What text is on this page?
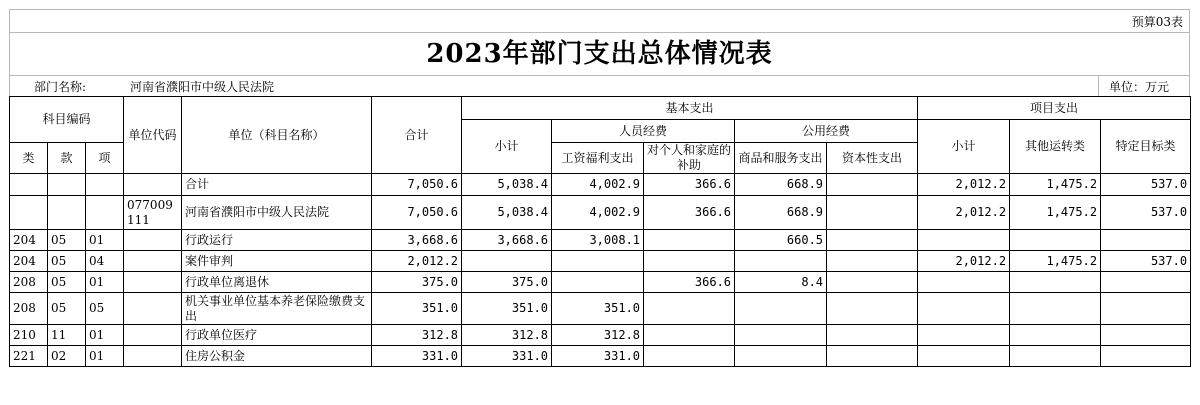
预算03表
2023年部门支出总体情况表
部门名称:	河南省濮阳市中级人民法院	单位：万元
科目编码			单位代码	单位（科目名称）	合计	基本支出					项目支出		
						小计	人员经费		公用经费		小计	其他运转类	特定目标类
类	款	项					工资福利支出	对个人和家庭的补助	商品和服务支出	资本性支出			

				合计	7,050.6	5,038.4	4,002.9	366.6	668.9		2,012.2	1,475.2	537.0
			077009111	河南省濮阳市中级人民法院	7,050.6	5,038.4	4,002.9	366.6	668.9		2,012.2	1,475.2	537.0
204	05	01		行政运行	3,668.6	3,668.6	3,008.1		660.5				
204	05	04		案件审判	2,012.2						2,012.2	1,475.2	537.0
208	05	01		行政单位离退休	375.0	375.0		366.6	8.4				
208	05	05		机关事业单位基本养老保险缴费支出	351.0	351.0	351.0						
210	11	01		行政单位医疗	312.8	312.8	312.8						
221	02	01		住房公积金	331.0	331.0	331.0						
